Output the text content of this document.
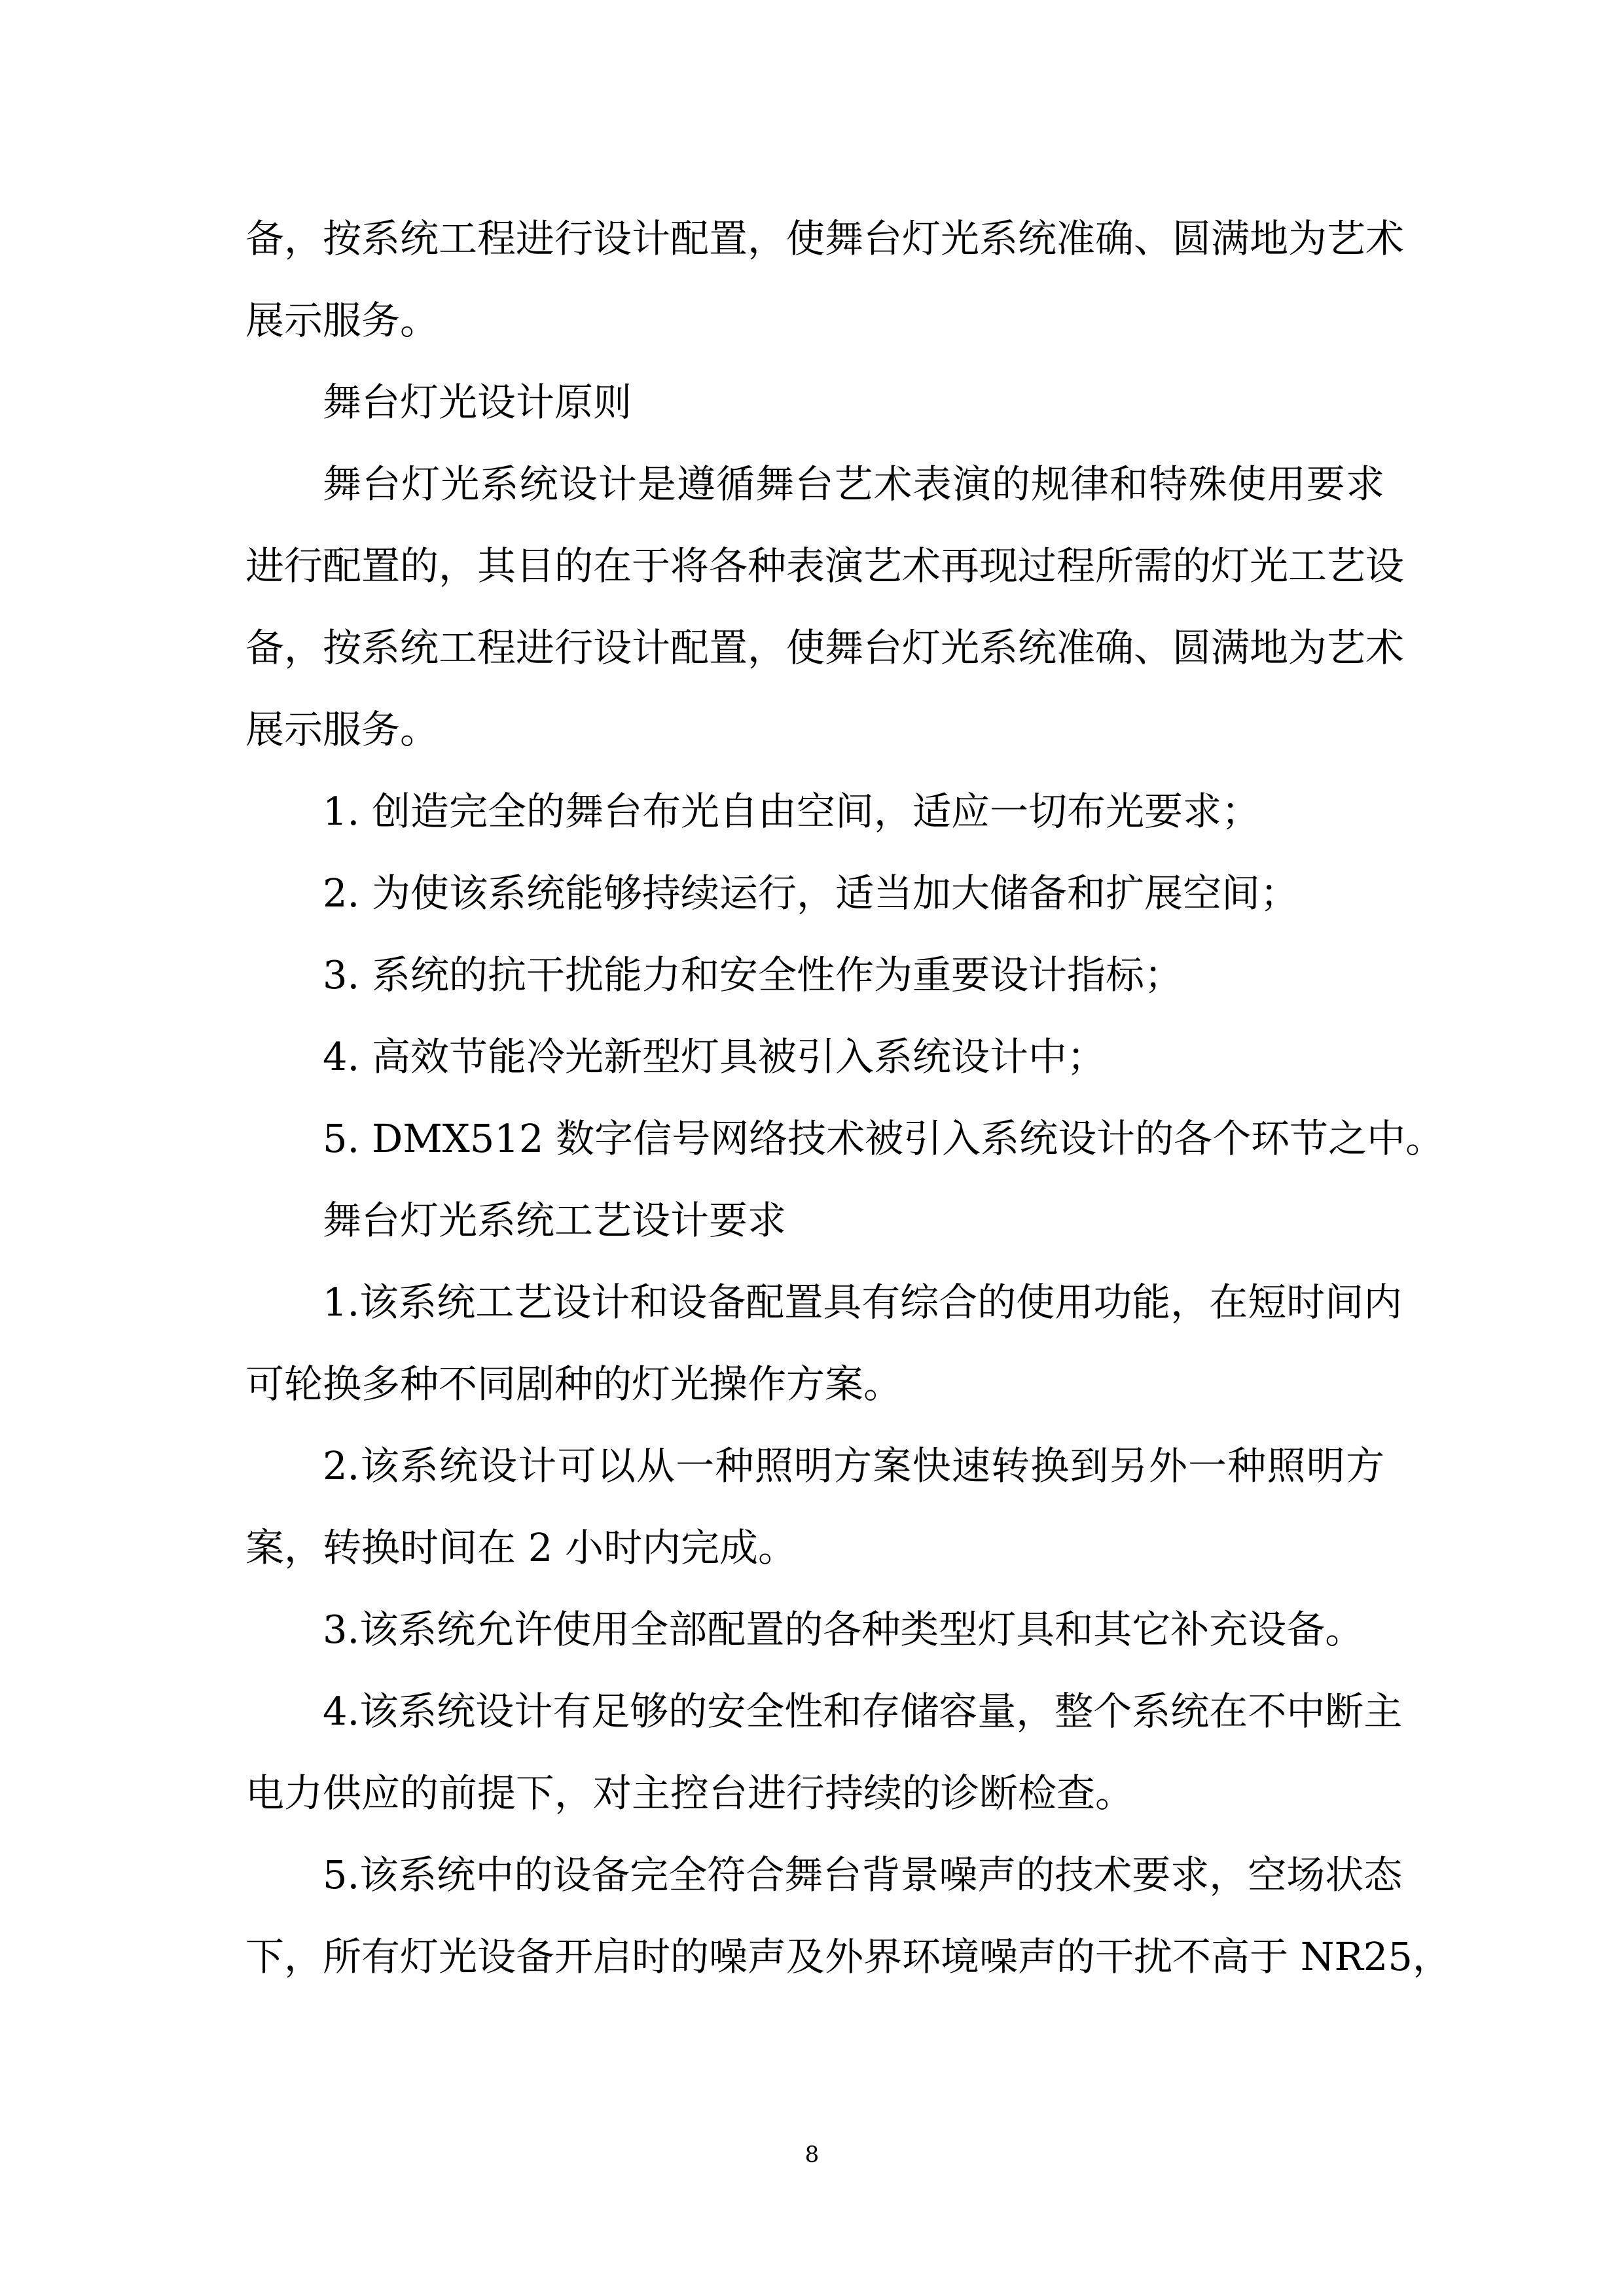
备，按系统工程进行设计配置，使舞台灯光系统准确、圆满地为艺术
展示服务。
舞台灯光设计原则
舞台灯光系统设计是遵循舞台艺术表演的规律和特殊使用要求
进行配置的，其目的在于将各种表演艺术再现过程所需的灯光工艺设
备，按系统工程进行设计配置，使舞台灯光系统准确、圆满地为艺术
展示服务。
1. 创造完全的舞台布光自由空间，适应一切布光要求；
2. 为使该系统能够持续运行，适当加大储备和扩展空间；
3. 系统的抗干扰能力和安全性作为重要设计指标；
4. 高效节能冷光新型灯具被引入系统设计中；
5. DMX512 数字信号网络技术被引入系统设计的各个环节之中。
舞台灯光系统工艺设计要求
1.该系统工艺设计和设备配置具有综合的使用功能，在短时间内
可轮换多种不同剧种的灯光操作方案。
2.该系统设计可以从一种照明方案快速转换到另外一种照明方
案，转换时间在 2 小时内完成。
3.该系统允许使用全部配置的各种类型灯具和其它补充设备。
4.该系统设计有足够的安全性和存储容量，整个系统在不中断主
电力供应的前提下，对主控台进行持续的诊断检查。
5.该系统中的设备完全符合舞台背景噪声的技术要求，空场状态
下，所有灯光设备开启时的噪声及外界环境噪声的干扰不高于 NR25，
8
